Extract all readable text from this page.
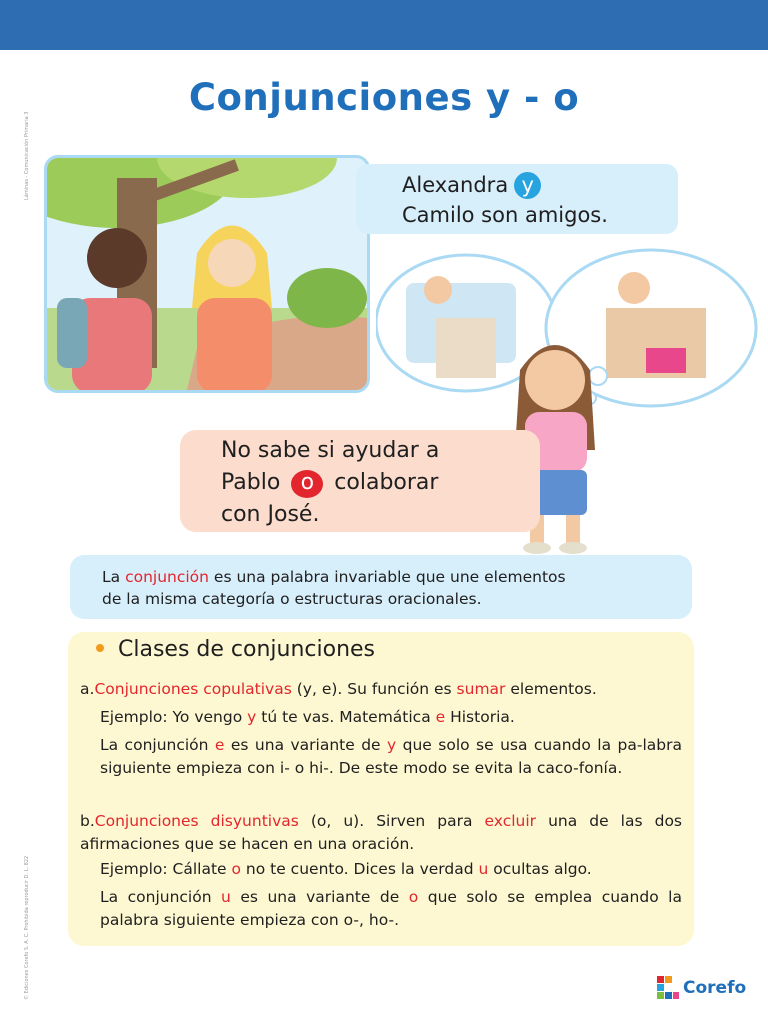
Láminas - Comunicación Primaria 3
© Ediciones Corefo S. A. C. Prohibida reproducir D. L. 822
Conjunciones y - o
Alexandra y
Camilo son amigos.
No sabe si ayudar a
Pablo o colaborar
con José.
La conjunción es una palabra invariable que une elementos
de la misma categoría o estructuras oracionales.
Clases de conjunciones
a.Conjunciones copulativas (y, e). Su función es sumar elementos.
Ejemplo: Yo vengo y tú te vas. Matemática e Historia.
La conjunción e es una variante de y que solo se usa cuando la pa-labra siguiente empieza con i- o hi-. De este modo se evita la caco-fonía.
b.Conjunciones disyuntivas (o, u). Sirven para excluir una de las dos afirmaciones que se hacen en una oración.
Ejemplo: Cállate o no te cuento. Dices la verdad u ocultas algo.
La conjunción u es una variante de o que solo se emplea cuando la palabra siguiente empieza con o-, ho-.
Corefo
